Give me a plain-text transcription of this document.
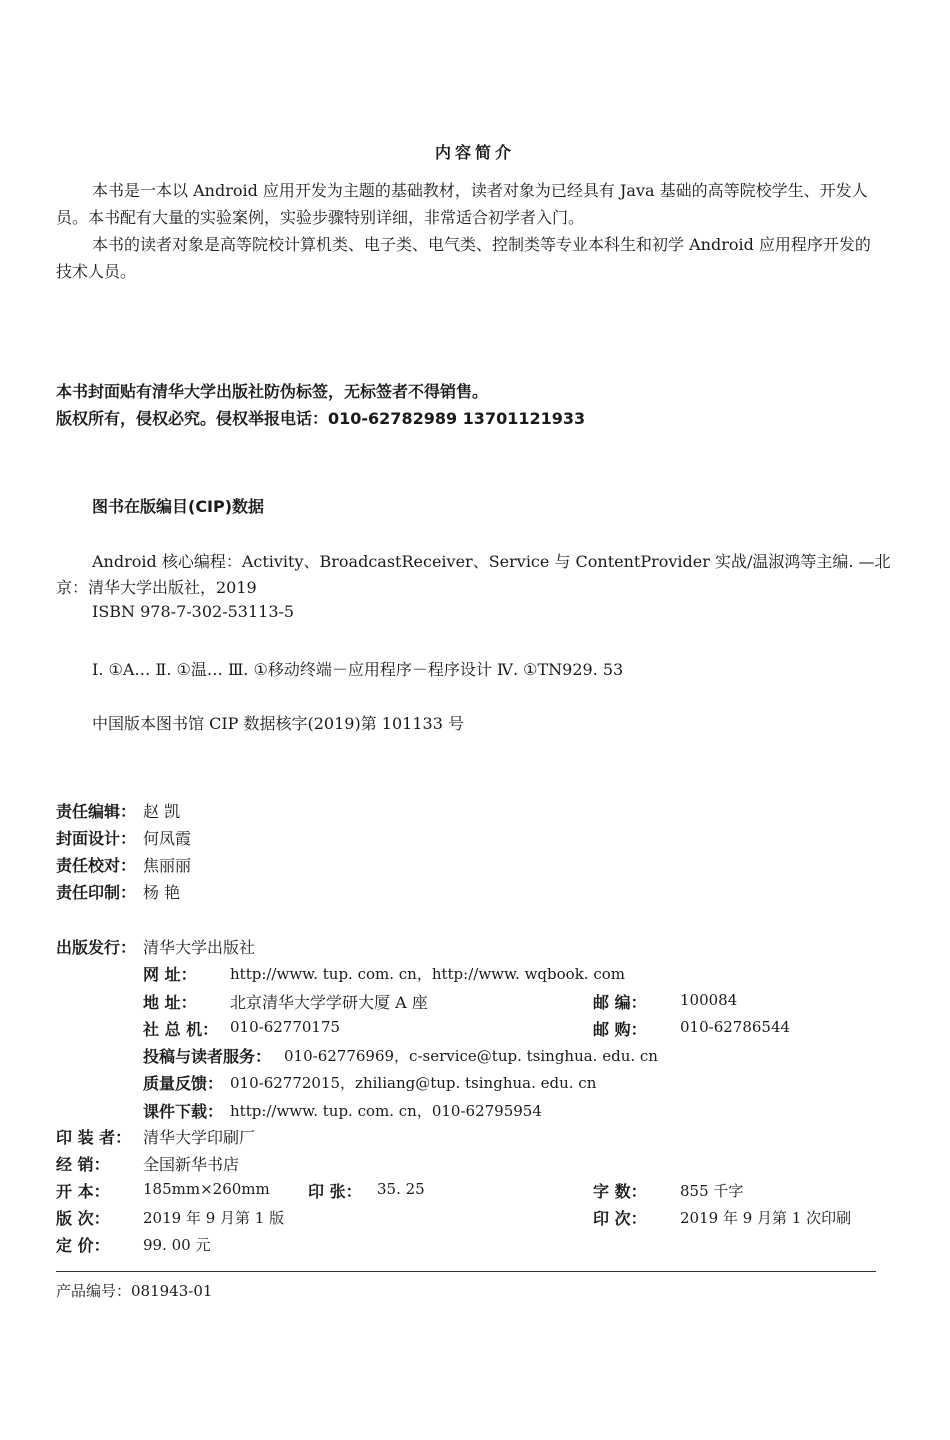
内容简介
本书是一本以 Android 应用开发为主题的基础教材，读者对象为已经具有 Java 基础的高等院校学生、开发人员。本书配有大量的实验案例，实验步骤特别详细，非常适合初学者入门。
本书的读者对象是高等院校计算机类、电子类、电气类、控制类等专业本科生和初学 Android 应用程序开发的技术人员。
本书封面贴有清华大学出版社防伪标签，无标签者不得销售。
版权所有，侵权必究。侵权举报电话：010-62782989 13701121933
图书在版编目(CIP)数据
Android 核心编程：Activity、BroadcastReceiver、Service 与 ContentProvider 实战/温淑鸿等主编. —北
京：清华大学出版社，2019
ISBN 978-7-302-53113-5
Ⅰ. ①A… Ⅱ. ①温… Ⅲ. ①移动终端－应用程序－程序设计 Ⅳ. ①TN929. 53
中国版本图书馆 CIP 数据核字(2019)第 101133 号
责任编辑： 赵 凯
封面设计： 何凤霞
责任校对： 焦丽丽
责任印制： 杨 艳
出版发行： 清华大学出版社
网 址： http://www. tup. com. cn，http://www. wqbook. com
地 址： 北京清华大学学研大厦 A 座	邮 编： 100084
社 总 机： 010-62770175	邮 购： 010-62786544
投稿与读者服务： 010-62776969，c-service@tup. tsinghua. edu. cn
质量反馈： 010-62772015，zhiliang@tup. tsinghua. edu. cn
课件下载： http://www. tup. com. cn，010-62795954
印 装 者： 清华大学印刷厂
经 销： 全国新华书店
开 本： 185mm×260mm 印 张： 35. 25	字 数： 855 千字
版 次： 2019 年 9 月第 1 版	印 次： 2019 年 9 月第 1 次印刷
定 价： 99. 00 元
产品编号：081943-01
